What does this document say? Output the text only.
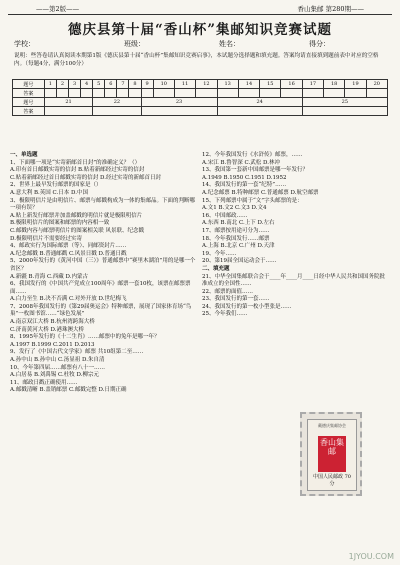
——第2版——	香山集邮 第280期——
德庆县第十届“香山杯”集邮知识竞赛试题
学校：	班级：	姓名：	得分：
说明：些答卷请认真阅读本期第1版《德庆县第十届“香山杯”集邮知识竞赛启事》，本试题分选择题和填充题。答案均请直接填到题前表中对应的空格内。（每题4分，满分100分）
题号	1	2	3	4	5	6	7	8	9	10	11	12	13	14	15	16	17	18	19	20
答案																				
题号	21				22				23				24				25			
答案																				
一、单选题
1、下面哪一项是“实寄新邮首日封”的准确定义？（）
A.印有首日邮戳实寄的信封 B.贴着新邮经过实寄的信封
C.贴着新邮经过首日邮戳实寄的信封 D.经过实寄的新邮首日封
2、世界上最早发行邮票的国家是（）
A.意大利 B.英国 C.日本 D.中国
3、极限明信片是由明信片、邮票与邮戳构成为一体的集邮品。下面的判断哪一项有误？
A.贴上新发行邮票并加盖邮戳的明信片就是极限明信片
B.极限明信片的图案和邮票的内容相一致
C.邮戳内容与邮票明信片的图案相关联 风景联、纪念戳
D.极限明信片不需要经过实寄
4、邮政实行为国际邮票（等）、同邮资封片……
A.纪念邮戳 B.普通邮戳 C.风景日戳 D.普通日戳
5、2000年发行的《黄河中国（三）》普通邮票中“赛里木湖泊”用的是哪一个省区？
A.新疆 B.青海 C.西藏 D.内蒙古
6、我国发行的《中国共产党成立100周年》邮票一套10枚，该票在邮票票面……
A.白力至生 B.决不否满 C.对外开放 D.世纪梅飞
7、2008年我国发行的《第29届奥运会》特种邮票，展现了国家体育场“鸟巢”一枚图书馆……“绿色发展”
A.南京双江大桥 B.杭州湾跨海大桥
C.济南黄河大桥 D.港珠澳大桥
8、1995年发行的《十二生肖》……邮票中的兔年是哪一年？
A.1997 B.1999 C.2011 D.2013
9、发行了《中国古代文学家》邮票 共10组第二至……
A.孙中山 B.孙中山 C.汤显祖 D.朱自清
10、今年第四届……邮票有八十一……
A.白居易 B.刘禹锡 C.杜牧 D.柳宗元
11、邮政日戳正确使用……
A.邮戳清晰 B.盖销邮票 C.邮戳完整 D.日期正确
12、今年我国发行《水浒传》邮票，……
A.宋江 B.鲁智深 C.武松 D.林冲
13、我国第一套新中国邮票是哪一年发行？
A.1949 B.1950 C.1951 D.1952
14、我国发行的第一套“纪特”……
A.纪念邮票 B.特种邮票 C.普通邮票 D.航空邮票
15、下列邮票中属于“文”字头邮票的是：
A.文1 B.文2 C.文3 D.文4
16、中国邮政……
A.东西 B.南北 C.上下 D.左右
17、邮票按用途可分为……
18、今年我国发行……邮票
A.上海 B.北京 C.广州 D.天津
19、今年……
20、第19届全国运动会于……
二、填充题
21、中华全国集邮联合会于____年____月____日经中华人民共和国国务院批准成立的全国性……
22、邮票的面值……
23、我国发行的第一套……
24、我国发行的第一枚小型张是……
25、今年我们……
戴德庆集邮协会
香山集邮
中国人民邮政 70分
1JYOU.COM
